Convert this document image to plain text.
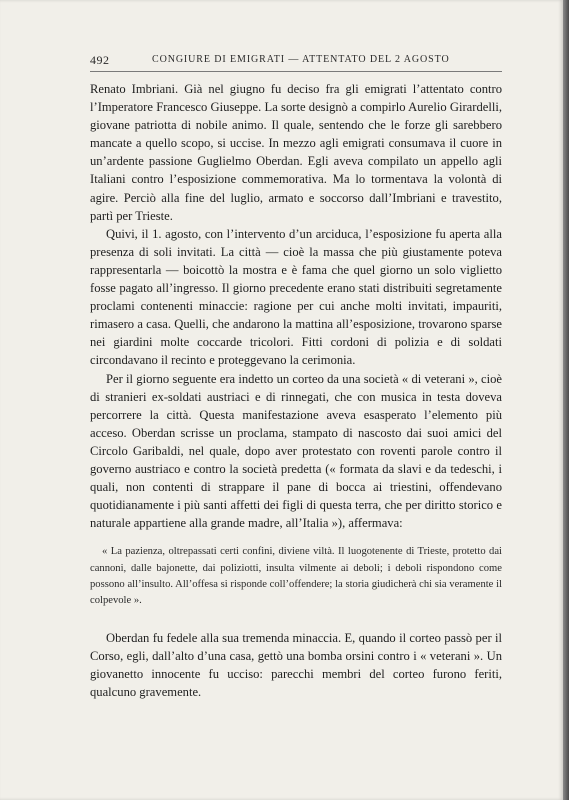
492	CONGIURE DI EMIGRATI — ATTENTATO DEL 2 AGOSTO

Renato Imbriani. Già nel giugno fu deciso fra gli emigrati l’attentato contro l’Imperatore Francesco Giuseppe. La sorte designò a compirlo Aurelio Girardelli, giovane patriotta di nobile animo. Il quale, sentendo che le forze gli sarebbero mancate a quello scopo, si uccise. In mezzo agli emigrati consumava il cuore in un’ardente passione Guglielmo Oberdan. Egli aveva compilato un appello agli Italiani contro l’esposizione commemorativa. Ma lo tormentava la volontà di agire. Perciò alla fine del luglio, armato e soccorso dall’Imbriani e travestito, partì per Trieste.

Quivi, il 1. agosto, con l’intervento d’un arciduca, l’esposizione fu aperta alla presenza di soli invitati. La città — cioè la massa che più giustamente poteva rappresentarla — boicottò la mostra e è fama che quel giorno un solo viglietto fosse pagato all’ingresso. Il giorno precedente erano stati distribuiti segretamente proclami contenenti minaccie: ragione per cui anche molti invitati, impauriti, rimasero a casa. Quelli, che andarono la mattina all’esposizione, trovarono sparse nei giardini molte coccarde tricolori. Fitti cordoni di polizia e di soldati circondavano il recinto e proteggevano la cerimonia.

Per il giorno seguente era indetto un corteo da una società « di veterani », cioè di stranieri ex-soldati austriaci e di rinnegati, che con musica in testa doveva percorrere la città. Questa manifestazione aveva esasperato l’elemento più acceso. Oberdan scrisse un proclama, stampato di nascosto dai suoi amici del Circolo Garibaldi, nel quale, dopo aver protestato con roventi parole contro il governo austriaco e contro la società predetta (« formata da slavi e da tedeschi, i quali, non contenti di strappare il pane di bocca ai triestini, offendevano quotidianamente i più santi affetti dei figli di questa terra, che per diritto storico e naturale appartiene alla grande madre, all’Italia »), affermava:

« La pazienza, oltrepassati certi confini, diviene viltà. Il luogotenente di Trieste, protetto dai cannoni, dalle bajonette, dai poliziotti, insulta vilmente ai deboli; i deboli rispondono come possono all’insulto. All’offesa si risponde coll’offendere; la storia giudicherà chi sia veramente il colpevole ».

Oberdan fu fedele alla sua tremenda minaccia. E, quando il corteo passò per il Corso, egli, dall’alto d’una casa, gettò una bomba orsini contro i « veterani ». Un giovanetto innocente fu ucciso: parecchi membri del corteo furono feriti, qualcuno gravemente.
